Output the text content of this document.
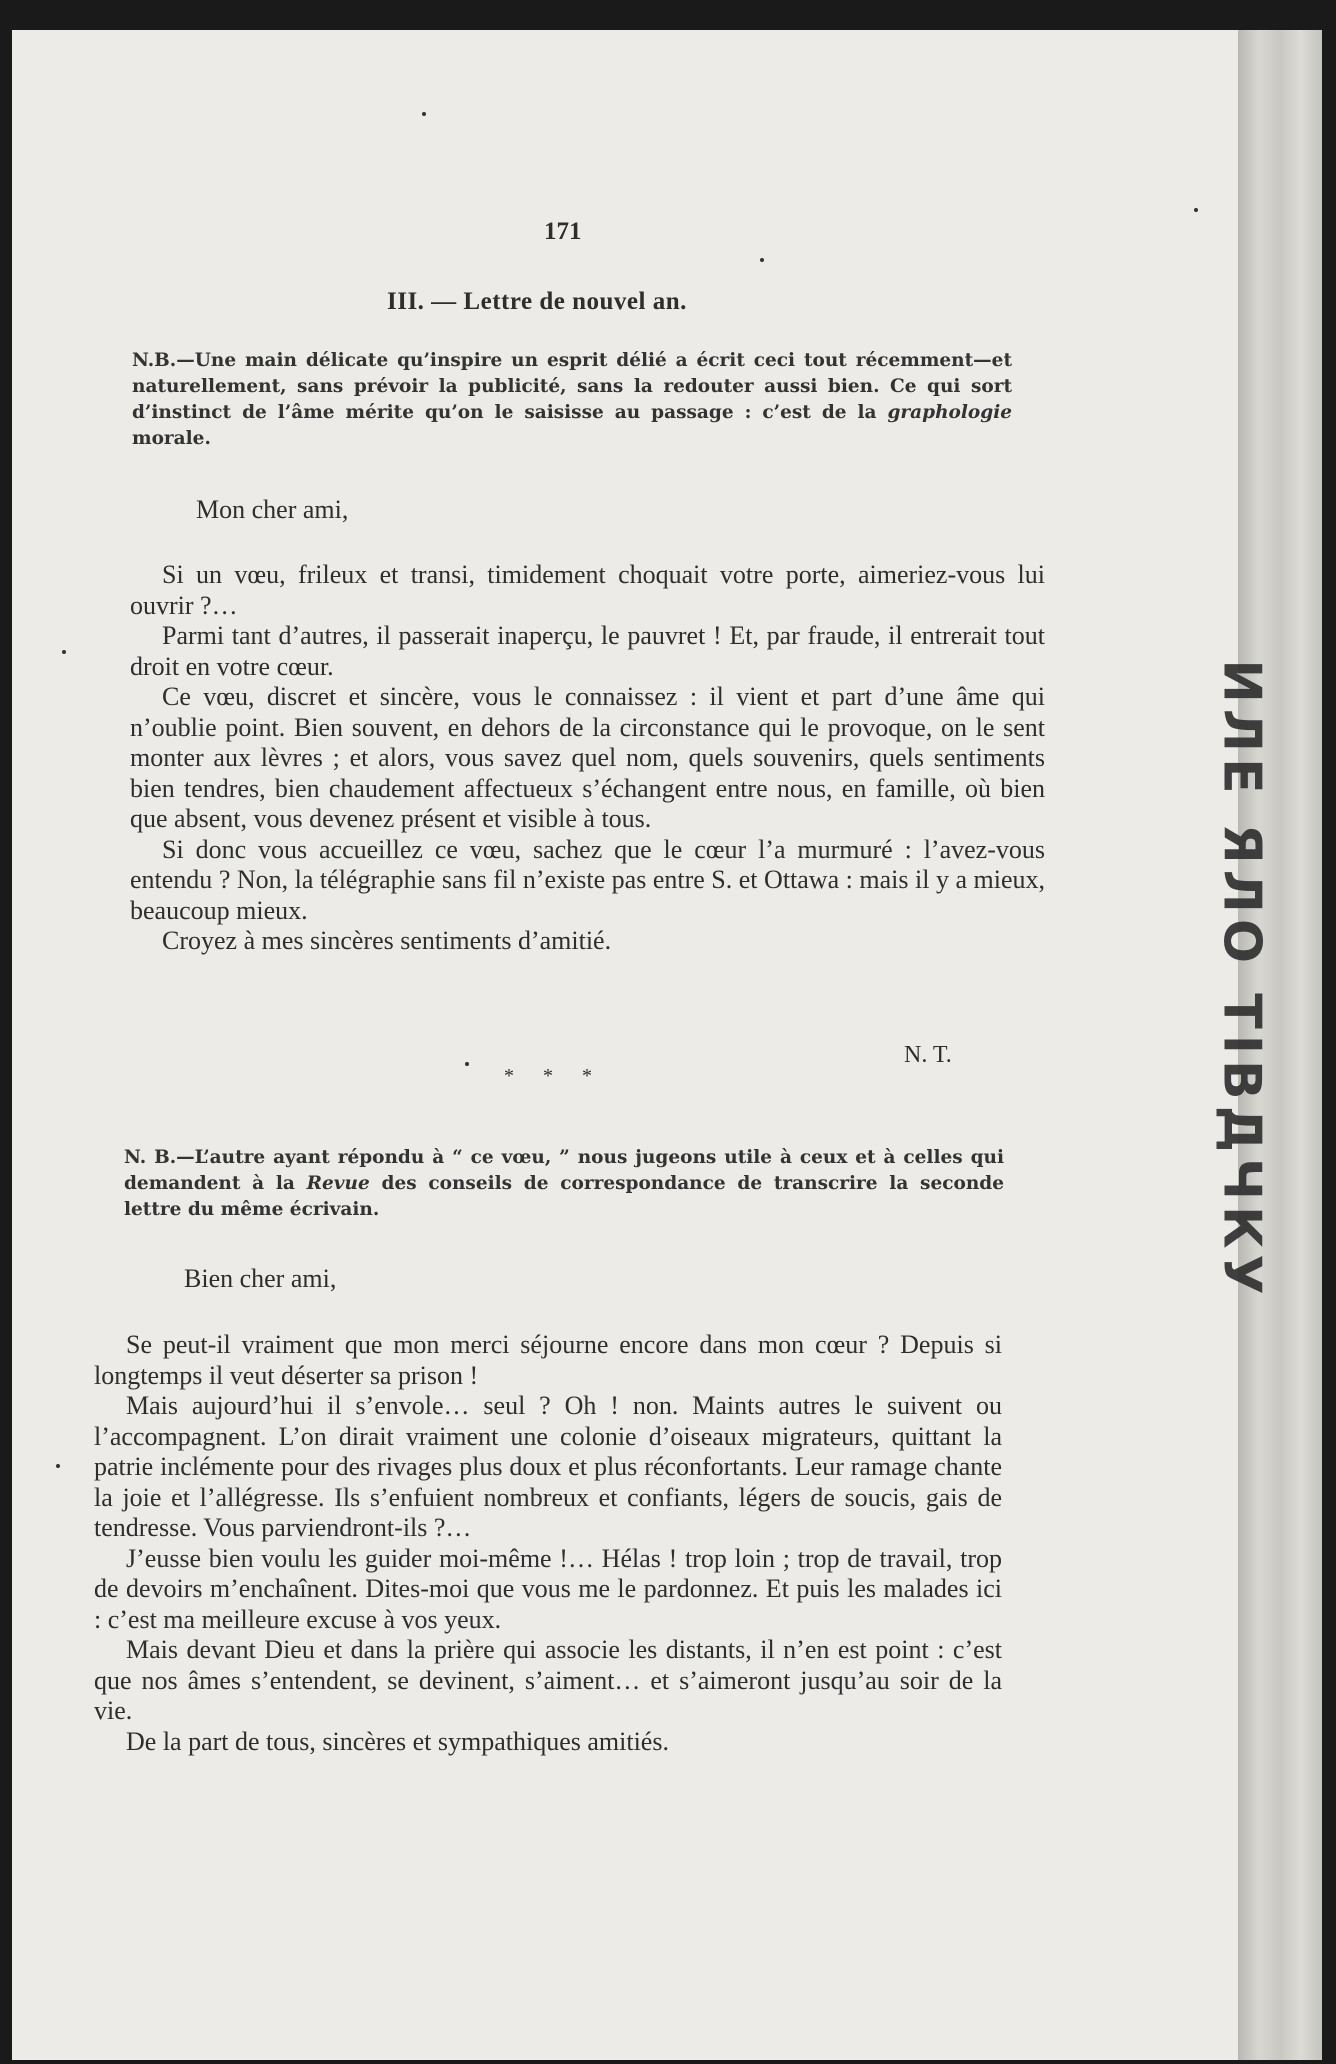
171
III. — Lettre de nouvel an.
N.B.—Une main délicate qu’inspire un esprit délié a écrit ceci tout récemment—et naturellement, sans prévoir la publicité, sans la redouter aussi bien. Ce qui sort d’instinct de l’âme mérite qu’on le saisisse au passage : c’est de la graphologie morale.
Mon cher ami,

Si un vœu, frileux et transi, timidement choquait votre porte, aimeriez-vous lui ouvrir ?…

Parmi tant d’autres, il passerait inaperçu, le pauvret ! Et, par fraude, il entrerait tout droit en votre cœur.

Ce vœu, discret et sincère, vous le connaissez : il vient et part d’une âme qui n’oublie point. Bien souvent, en dehors de la circonstance qui le provoque, on le sent monter aux lèvres ; et alors, vous savez quel nom, quels souvenirs, quels sentiments bien tendres, bien chaudement affectueux s’échangent entre nous, en famille, où bien que absent, vous devenez présent et visible à tous.

Si donc vous accueillez ce vœu, sachez que le cœur l’a murmuré : l’avez-vous entendu ? Non, la télégraphie sans fil n’existe pas entre S. et Ottawa : mais il y a mieux, beaucoup mieux.

Croyez à mes sincères sentiments d’amitié.

N. T.
* * *
N. B.—L’autre ayant répondu à “ ce vœu, ” nous jugeons utile à ceux et à celles qui demandent à la Revue des conseils de correspondance de transcrire la seconde lettre du même écrivain.
Bien cher ami,

Se peut-il vraiment que mon merci séjourne encore dans mon cœur ? Depuis si longtemps il veut déserter sa prison !

Mais aujourd’hui il s’envole… seul ? Oh ! non. Maints autres le suivent ou l’accompagnent. L’on dirait vraiment une colonie d’oiseaux migrateurs, quittant la patrie inclémente pour des rivages plus doux et plus réconfortants. Leur ramage chante la joie et l’allégresse. Ils s’enfuient nombreux et confiants, légers de soucis, gais de tendresse. Vous parviendront-ils ?…

J’eusse bien voulu les guider moi-même !… Hélas ! trop loin ; trop de travail, trop de devoirs m’enchaînent. Dites-moi que vous me le pardonnez. Et puis les malades ici : c’est ma meilleure excuse à vos yeux.

Mais devant Dieu et dans la prière qui associe les distants, il n’en est point : c’est que nos âmes s’entendent, se devinent, s’aiment… et s’aimeront jusqu’au soir de la vie.

De la part de tous, sincères et sympathiques amitiés.

ИЛЕ ЯЛО ТІВДЧКУ
